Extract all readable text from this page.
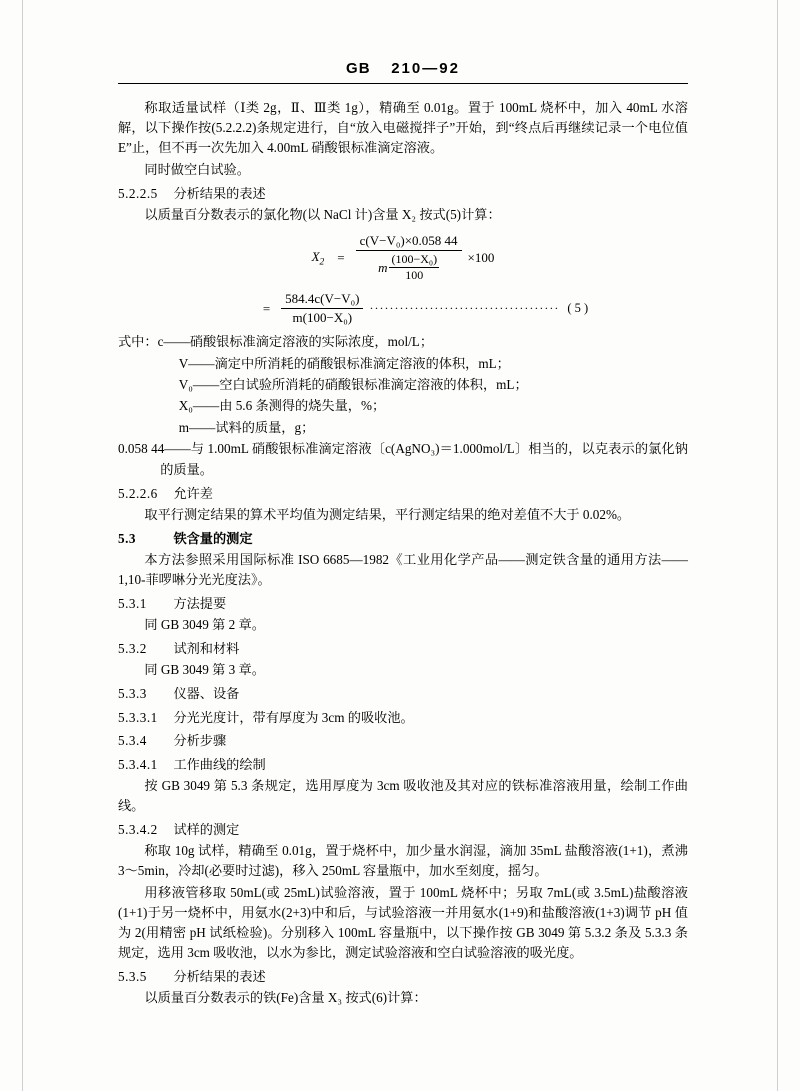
GB 210—92

称取适量试样（Ⅰ类 2g，Ⅱ、Ⅲ类 1g），精确至 0.01g。置于 100mL 烧杯中，加入 40mL 水溶解，以下操作按(5.2.2.2)条规定进行，自“放入电磁搅拌子”开始，到“终点后再继续记录一个电位值 E”止，但不再一次先加入 4.00mL 硝酸银标准滴定溶液。

同时做空白试验。

5.2.2.5 分析结果的表述

以质量百分数表示的氯化物(以 NaCl 计)含量 X₂ 按式(5)计算：

$X_2$ =
c(V−V₀)×0.058 44
m
(100−X₀)
100
×100
= $\frac{\text{584.4c(V−V₀)}}{\text{m(100−X₀)}}$ ······································ ( 5 )

式中：c——硝酸银标准滴定溶液的实际浓度，mol/L；

V——滴定中所消耗的硝酸银标准滴定溶液的体积，mL；

V₀——空白试验所消耗的硝酸银标准滴定溶液的体积，mL；

X₀——由 5.6 条测得的烧失量，%；

m——试料的质量，g；

0.058 44——与 1.00mL 硝酸银标准滴定溶液〔c(AgNO₃)＝1.000mol/L〕相当的，以克表示的氯化钠的质量。

5.2.2.6 允许差

取平行测定结果的算术平均值为测定结果，平行测定结果的绝对差值不大于 0.02%。

5.3	铁含量的测定

本方法参照采用国际标准 ISO 6685—1982《工业用化学产品——测定铁含量的通用方法——1,10-菲啰啉分光光度法》。

5.3.1 方法提要

同 GB 3049 第 2 章。

5.3.2 试剂和材料

同 GB 3049 第 3 章。

5.3.3 仪器、设备
5.3.3.1 分光光度计，带有厚度为 3cm 的吸收池。
5.3.4 分析步骤
5.3.4.1 工作曲线的绘制

按 GB 3049 第 5.3 条规定，选用厚度为 3cm 吸收池及其对应的铁标准溶液用量，绘制工作曲线。

5.3.4.2 试样的测定

称取 10g 试样，精确至 0.01g，置于烧杯中，加少量水润湿，滴加 35mL 盐酸溶液(1+1)，煮沸 3～5min，冷却(必要时过滤)，移入 250mL 容量瓶中，加水至刻度，摇匀。

用移液管移取 50mL(或 25mL)试验溶液，置于 100mL 烧杯中；另取 7mL(或 3.5mL)盐酸溶液(1+1)于另一烧杯中，用氨水(2+3)中和后，与试验溶液一并用氨水(1+9)和盐酸溶液(1+3)调节 pH 值为 2(用精密 pH 试纸检验)。分别移入 100mL 容量瓶中，以下操作按 GB 3049 第 5.3.2 条及 5.3.3 条规定，选用 3cm 吸收池，以水为参比，测定试验溶液和空白试验溶液的吸光度。

5.3.5 分析结果的表述

以质量百分数表示的铁(Fe)含量 X₃ 按式(6)计算：
